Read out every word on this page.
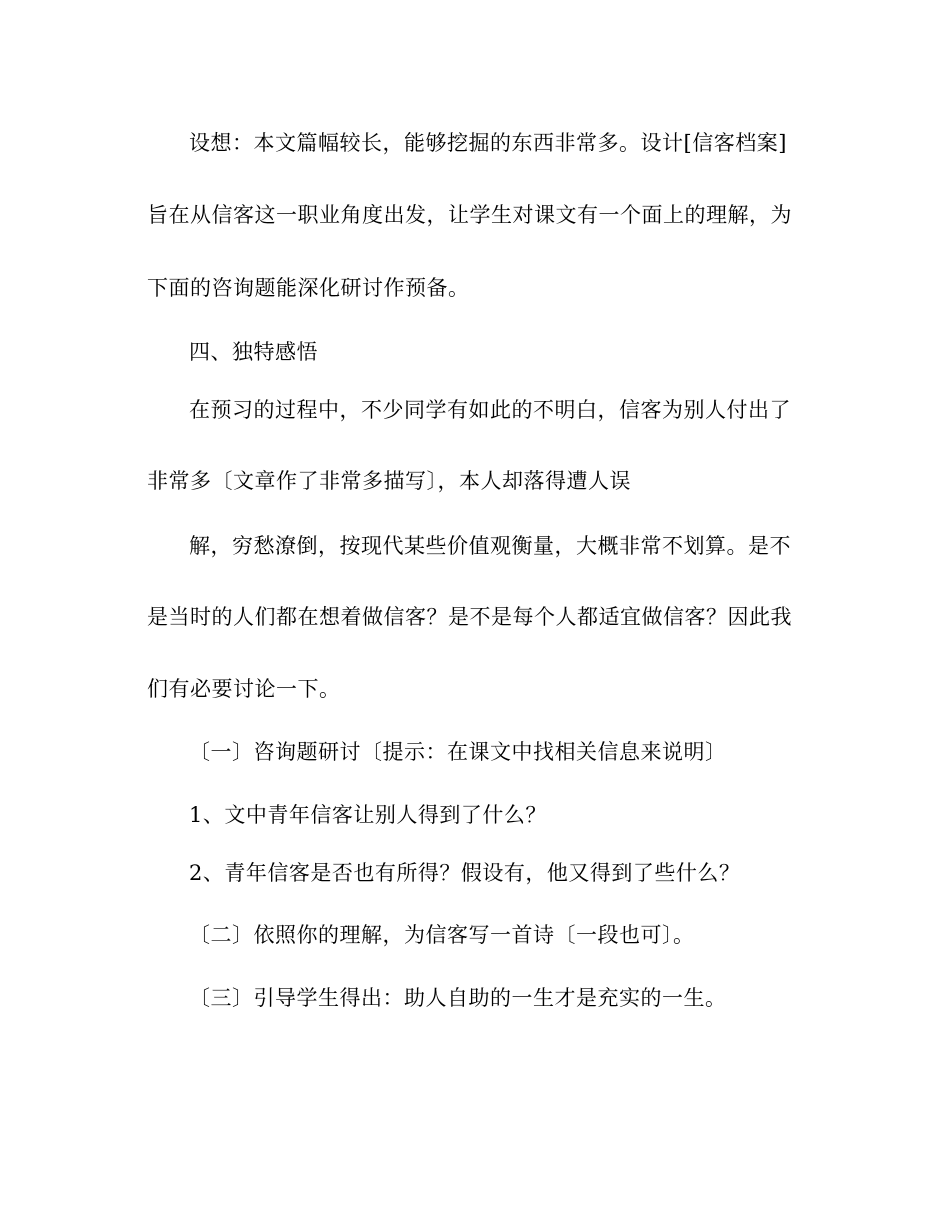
设想：本文篇幅较长，能够挖掘的东西非常多。设计[信客档案]
旨在从信客这一职业角度出发，让学生对课文有一个面上的理解，为
下面的咨询题能深化研讨作预备。
四、独特感悟
在预习的过程中，不少同学有如此的不明白，信客为别人付出了
非常多〔文章作了非常多描写〕，本人却落得遭人误
解，穷愁潦倒，按现代某些价值观衡量，大概非常不划算。是不
是当时的人们都在想着做信客？是不是每个人都适宜做信客？因此我
们有必要讨论一下。
〔一〕咨询题研讨〔提示：在课文中找相关信息来说明〕
1、文中青年信客让别人得到了什么？
2、青年信客是否也有所得？假设有，他又得到了些什么？
〔二〕依照你的理解，为信客写一首诗〔一段也可〕。
〔三〕引导学生得出：助人自助的一生才是充实的一生。
